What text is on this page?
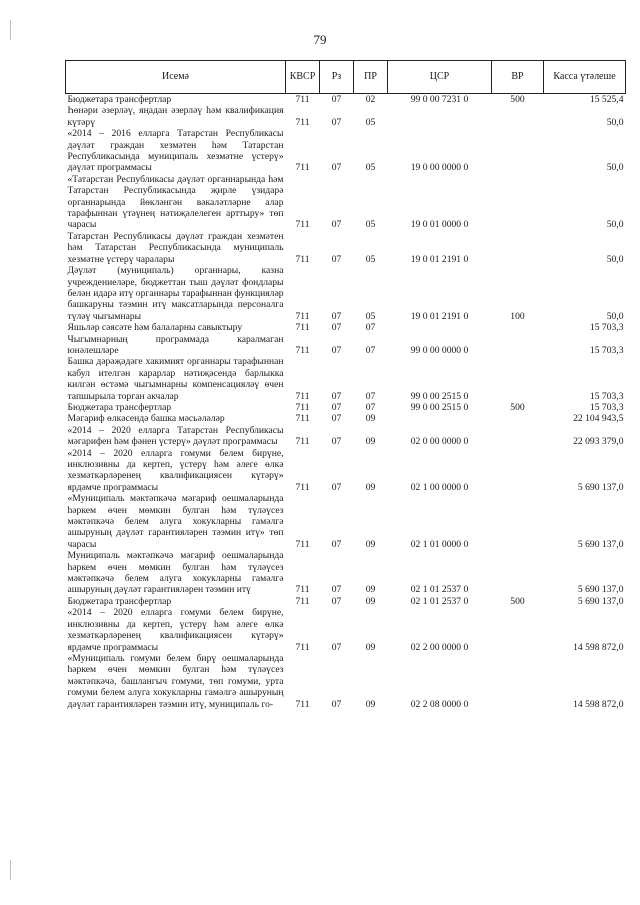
79
Исемә	КВСР	Рз	ПР	ЦСР	ВР	Касса үтәлеше
Бюджетара трансфертлар	711	07	02	99 0 00 7231 0	500	15 525,4
Һөнәри әзерләү, яңадан әзерләү һәм квалификация күтәрү	711	07	05			50,0
«2014 – 2016 елларга Татарстан Республикасы дәүләт граждан хезмәтен һәм Татарстан Республикасында муниципаль хезмәтне үстерү» дәүләт программасы	711	07	05	19 0 00 0000 0		50,0
«Татарстан Республикасы дәүләт органнарында һәм Татарстан Республикасында җирле үзидарә органнарында йөкләнгән вәкаләтләрне алар тарафыннан үтәүнең нәтиҗәлелеген арттыру» төп чарасы	711	07	05	19 0 01 0000 0		50,0
Татарстан Республикасы дәүләт граждан хезмәтен һәм Татарстан Республикасында муниципаль хезмәтне үстерү чаралары	711	07	05	19 0 01 2191 0		50,0
Дәүләт (муниципаль) органнары, казна учреждениеләре, бюджеттан тыш дәүләт фондлары белән идарә итү органнары тарафыннан функцияләр башкаруны тәэмин итү максатларында персоналга түләү чыгымнары	711	07	05	19 0 01 2191 0	100	50,0
Яшьләр сәясәте һәм балаларны савыктыру	711	07	07			15 703,3
Чыгымнарның программада каралмаган юнәлешләре	711	07	07	99 0 00 0000 0		15 703,3
Башка дәрәҗәдәге хакимият органнары тарафыннан кабул ителгән карарлар нәтиҗәсендә барлыкка килгән өстәмә чыгымнарны компенсацияләү өчен тапшырыла торган акчалар	711	07	07	99 0 00 2515 0		15 703,3
Бюджетара трансфертлар	711	07	07	99 0 00 2515 0	500	15 703,3
Мәгариф өлкәсендә башка мәсьәләләр	711	07	09			22 104 943,5
«2014 – 2020 елларга Татарстан Республикасы мәгарифен һәм фәнен үстерү» дәүләт программасы	711	07	09	02 0 00 0000 0		22 093 379,0
«2014 – 2020 елларга гомуми белем бирүне, инклюзивны да кертеп, үстерү һәм әлеге өлкә хезмәткәрләренең квалификациясен күтәрү» ярдәмче программасы	711	07	09	02 1 00 0000 0		5 690 137,0
«Муниципаль мәктәпкәчә мәгариф оешмаларында һәркем өчен мөмкин булган һәм түләүсез мәктәпкәчә белем алуга хокукларны гамәлгә ашыруның дәүләт гарантияләрен тәэмин итү» төп чарасы	711	07	09	02 1 01 0000 0		5 690 137,0
Муниципаль мәктәпкәчә мәгариф оешмаларында һәркем өчен мөмкин булган һәм түләүсез мәктәпкәчә белем алуга хокукларны гамәлгә ашыруның дәүләт гарантияләрен тәэмин итү	711	07	09	02 1 01 2537 0		5 690 137,0
Бюджетара трансфертлар	711	07	09	02 1 01 2537 0	500	5 690 137,0
«2014 – 2020 елларга гомуми белем бирүне, инклюзивны да кертеп, үстерү һәм әлеге өлкә хезмәткәрләренең квалификациясен күтәрү» ярдәмче программасы	711	07	09	02 2 00 0000 0		14 598 872,0
«Муниципаль гомуми белем бирү оешмаларында һәркем өчен мөмкин булган һәм түләүсез мәктәпкәчә, башлангыч гомуми, төп гомуми, урта гомуми белем алуга хокукларны гамәлгә ашыруның дәүләт гарантияләрен тәэмин итү, муниципаль го-	711	07	09	02 2 08 0000 0		14 598 872,0
